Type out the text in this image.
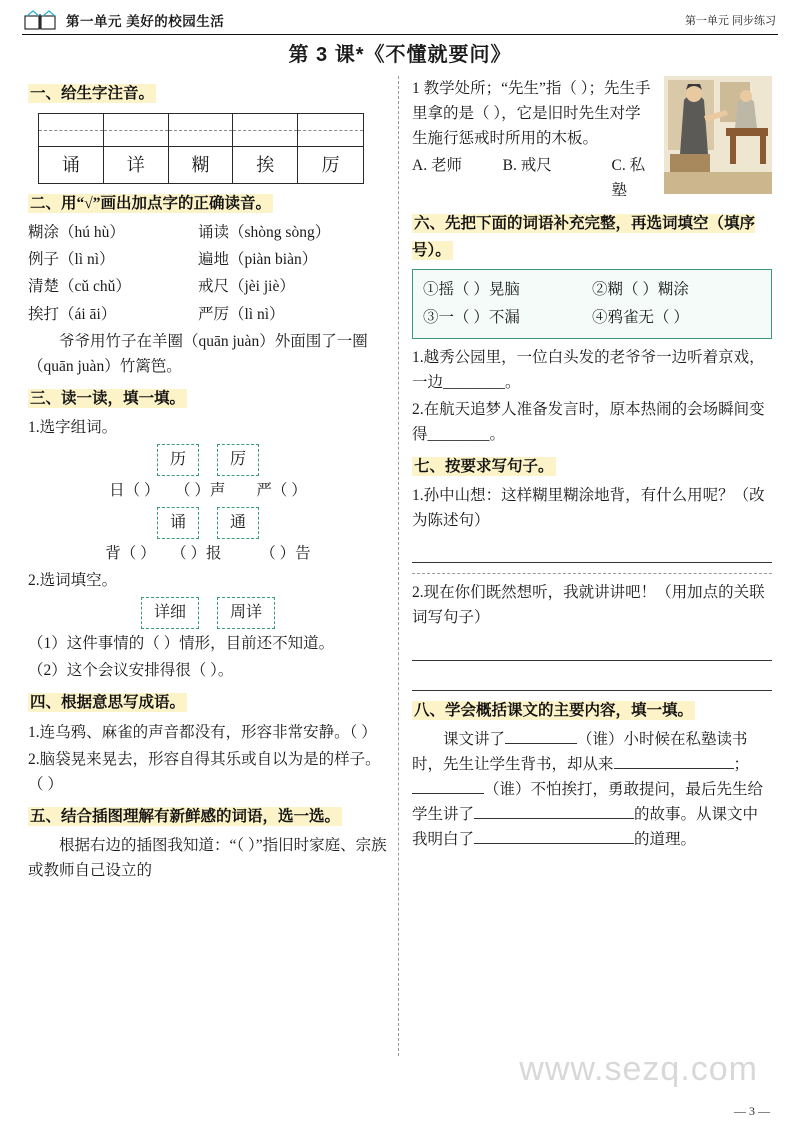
第一单元 美好的校园生活	第一单元 同步练习
第 3 课*《不懂就要问》
一、给生字注音。
诵	详	糊	挨	厉
二、用“√”画出加点字的正确读音。
糊涂（hú hù）	诵读（shòng sòng）
例子（lì nì）	遍地（piàn biàn）
清楚（cǔ chǔ）	戒尺（jèi jiè）
挨打（ái āi）	严厉（lì nì）
爷爷用竹子在羊圈（quān juàn）外面围了一圈（quān juàn）竹篱笆。
三、读一读，填一填。
1.选字组词。
历	厉
日（ ）　　（ ）声　　严（ ）
诵	通
背（ ）　　（ ）报　　　（ ）告
2.选词填空。
详细	周详
（1）这件事情的（ ）情形，目前还不知道。
（2）这个会议安排得很（ ）。
四、根据意思写成语。
1.连乌鸦、麻雀的声音都没有，形容非常安静。（ ）
2.脑袋晃来晃去，形容自得其乐或自以为是的样子。（ ）
五、结合插图理解有新鲜感的词语，选一选。
根据右边的插图我知道：“（ ）”指旧时家庭、宗族或教师自己设立的
1 教学处所；“先生”指（ ）；先生手里拿的是（ ），它是旧时先生对学生施行惩戒时所用的木板。
A. 老师	B. 戒尺	C. 私塾
六、先把下面的词语补充完整，再选词填空（填序号）。
①摇（ ）晃脑	②糊（ ）糊涂
③一（ ）不漏	④鸦雀无（ ）
1.越秀公园里，一位白头发的老爷爷一边听着京戏，一边________。
2.在航天追梦人准备发言时，原本热闹的会场瞬间变得________。
七、按要求写句子。
1.孙中山想：这样糊里糊涂地背，有什么用呢？（改为陈述句）
2.现在你们既然想听，我就讲讲吧！（用加点的关联词写句子）
八、学会概括课文的主要内容，填一填。
课文讲了	（谁）小时候在私塾读书时，先生让学生背书，却从来	；（谁）不怕挨打，勇敢提问，最后先生给学生讲了	的故事。从课文中我明白了	的道理。
www.sezq.com
— 3 —
